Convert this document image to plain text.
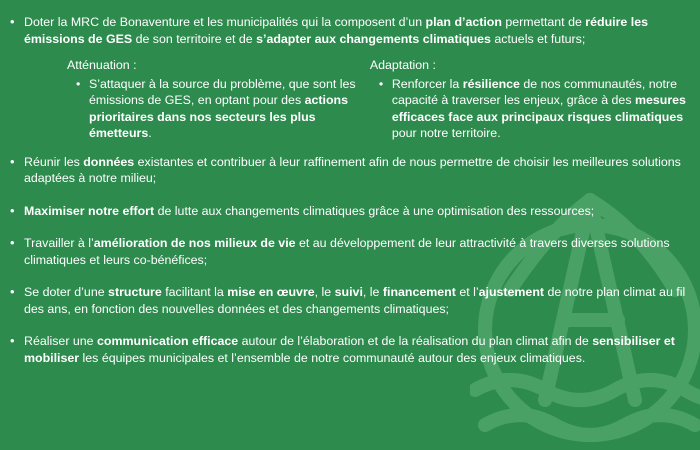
• Doter la MRC de Bonaventure et les municipalités qui la composent d’un plan d’action permettant de réduire les émissions de GES de son territoire et de s’adapter aux changements climatiques actuels et futurs;
Atténuation :
• S’attaquer à la source du problème, que sont les émissions de GES, en optant pour des actions prioritaires dans nos secteurs les plus émetteurs.
Adaptation :
• Renforcer la résilience de nos communautés, notre capacité à traverser les enjeux, grâce à des mesures efficaces face aux principaux risques climatiques pour notre territoire.
• Réunir les données existantes et contribuer à leur raffinement afin de nous permettre de choisir les meilleures solutions adaptées à notre milieu;
• Maximiser notre effort de lutte aux changements climatiques grâce à une optimisation des ressources;
• Travailler à l’amélioration de nos milieux de vie et au développement de leur attractivité à travers diverses solutions climatiques et leurs co-bénéfices;
• Se doter d’une structure facilitant la mise en œuvre, le suivi, le financement et l’ajustement de notre plan climat au fil des ans, en fonction des nouvelles données et des changements climatiques;
• Réaliser une communication efficace autour de l’élaboration et de la réalisation du plan climat afin de sensibiliser et mobiliser les équipes municipales et l’ensemble de notre communauté autour des enjeux climatiques.
